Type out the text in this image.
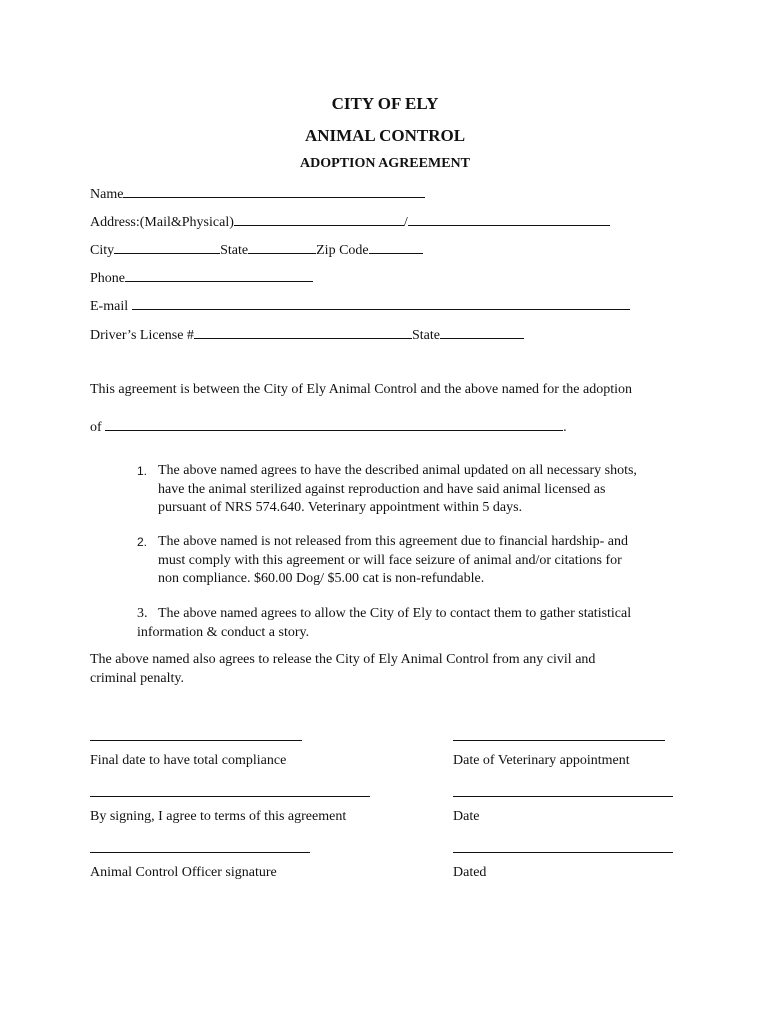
CITY OF ELY
ANIMAL CONTROL
ADOPTION AGREEMENT
Name
Address:(Mail&Physical)	/
City	State	Zip Code
Phone
E-mail
Driver’s License #	State
This agreement is between the City of Ely Animal Control and the above named for the adoption
of	.
1. The above named agrees to have the described animal updated on all necessary shots,
have the animal sterilized against reproduction and have said animal licensed as
pursuant of NRS 574.640. Veterinary appointment within 5 days.
2. The above named is not released from this agreement due to financial hardship- and
must comply with this agreement or will face seizure of animal and/or citations for
non compliance. $60.00 Dog/ $5.00 cat is non-refundable.
3. The above named agrees to allow the City of Ely to contact them to gather statistical
information & conduct a story.
The above named also agrees to release the City of Ely Animal Control from any civil and
criminal penalty.
Final date to have total compliance	Date of Veterinary appointment
By signing, I agree to terms of this agreement	Date
Animal Control Officer signature	Dated
